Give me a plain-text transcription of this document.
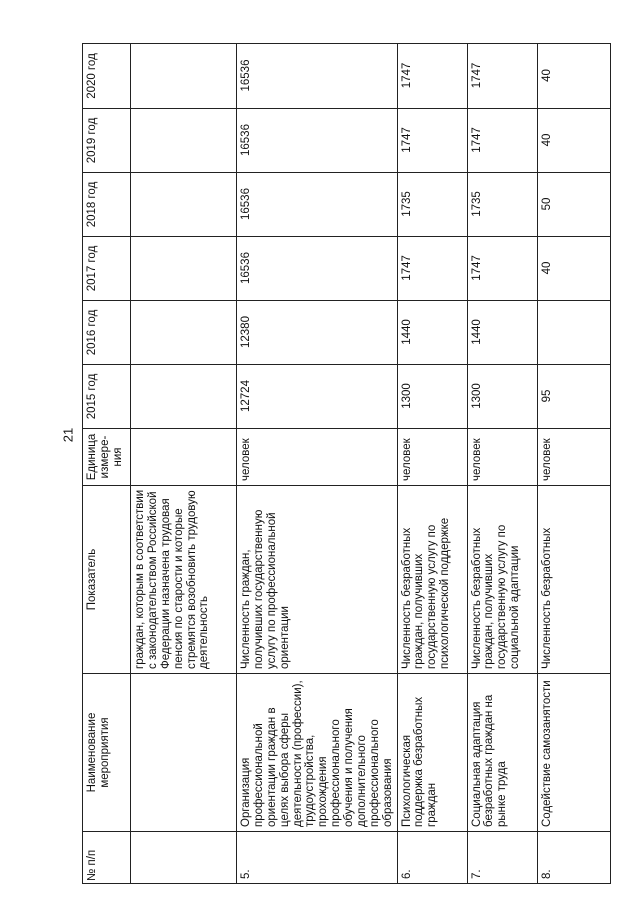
21
№ п/п	Наименование мероприятия	Показатель	Единица измере-ния	2015 год	2016 год	2017 год	2018 год	2019 год	2020 год
		граждан, которым в соответствии с законодательством Российской Федерации назначена трудовая пенсия по старости и которые стремятся возобновить трудовую деятельность							
5.	Организация профессиональной ориентации граждан в целях выбора сферы деятельности (профессии), трудоустройства, прохождения профессионального обучения и получения дополнительного профессионального образования	Численность граждан, получивших государственную услугу по профессиональной ориентации	человек	12724	12380	16536	16536	16536	16536
6.	Психологическая поддержка безработных граждан	Численность безработных граждан, получивших государственную услугу по психологической поддержке	человек	1300	1440	1747	1735	1747	1747
7.	Социальная адаптация безработных граждан на рынке труда	Численность безработных граждан, получивших государственную услугу по социальной адаптации	человек	1300	1440	1747	1735	1747	1747
8.	Содействие самозанятости	Численность безработных	человек	95		40	50	40	40
